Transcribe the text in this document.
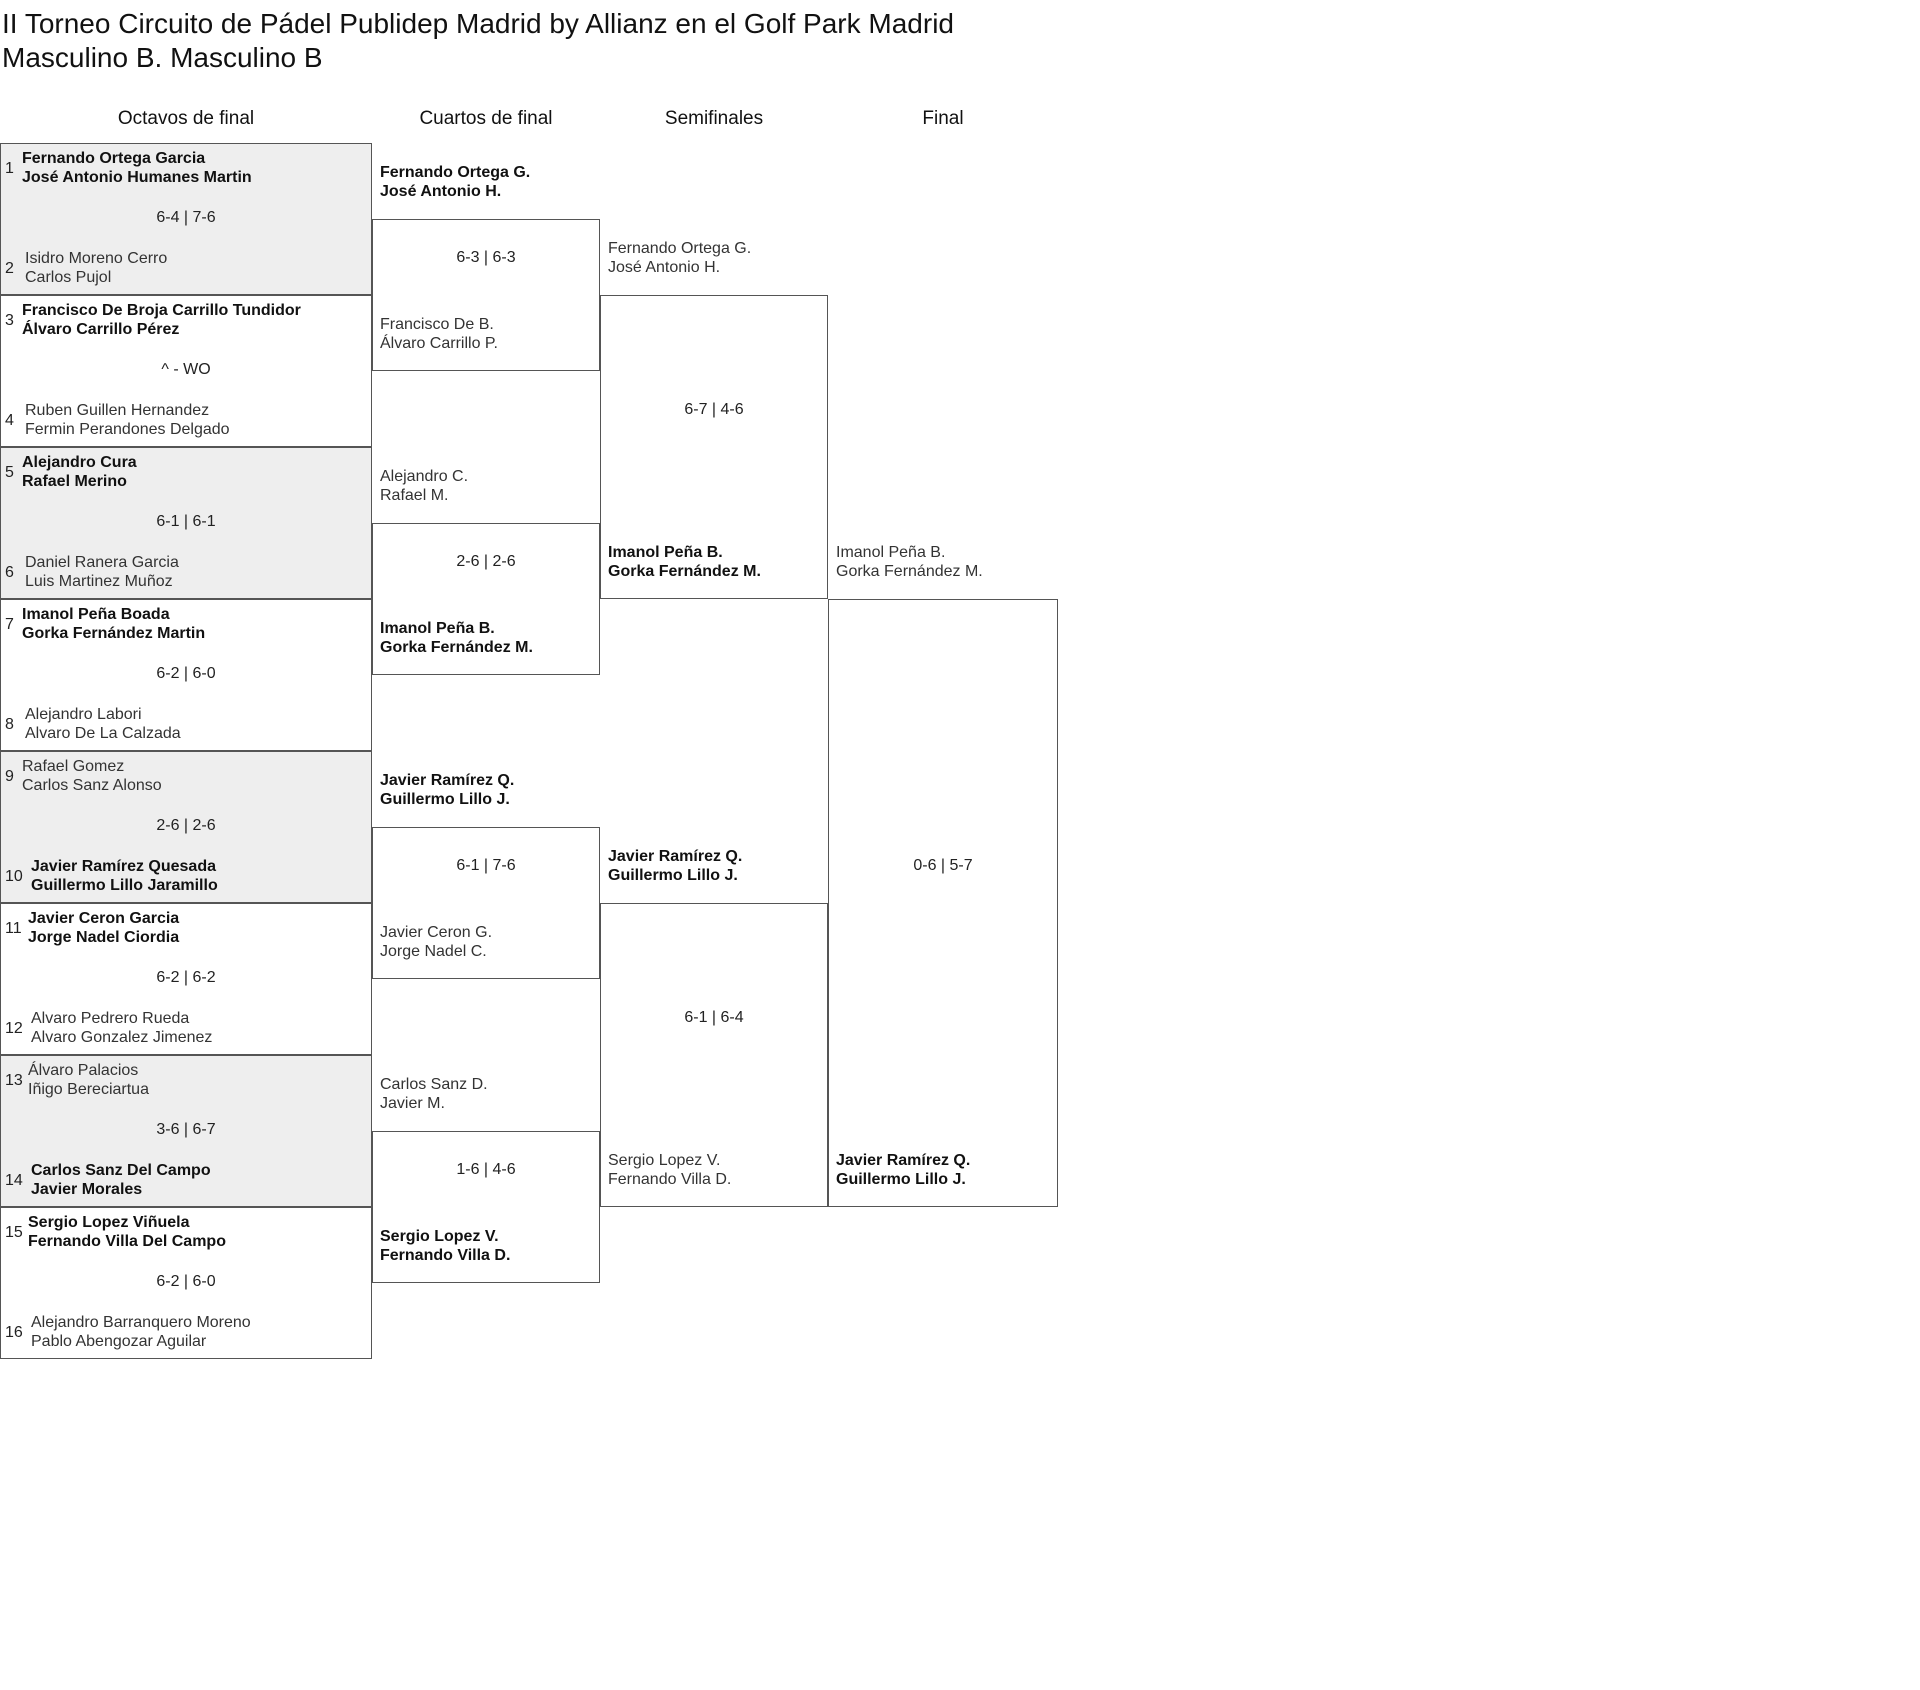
II Torneo Circuito de Pádel Publidep Madrid by Allianz en el Golf Park Madrid
Masculino B. Masculino B
Octavos de final	Cuartos de final	Semifinales	Final
1
Fernando Ortega Garcia
José Antonio Humanes Martin
6-4 | 7-6
2
Isidro Moreno Cerro
Carlos Pujol
3
Francisco De Broja Carrillo Tundidor
Álvaro Carrillo Pérez
^ - WO
4
Ruben Guillen Hernandez
Fermin Perandones Delgado
5
Alejandro Cura
Rafael Merino
6-1 | 6-1
6
Daniel Ranera Garcia
Luis Martinez Muñoz
7
Imanol Peña Boada
Gorka Fernández Martin
6-2 | 6-0
8
Alejandro Labori
Alvaro De La Calzada
9
Rafael Gomez
Carlos Sanz Alonso
2-6 | 2-6
10
Javier Ramírez Quesada
Guillermo Lillo Jaramillo
11
Javier Ceron Garcia
Jorge Nadel Ciordia
6-2 | 6-2
12
Alvaro Pedrero Rueda
Alvaro Gonzalez Jimenez
13
Álvaro Palacios
Iñigo Bereciartua
3-6 | 6-7
14
Carlos Sanz Del Campo
Javier Morales
15
Sergio Lopez Viñuela
Fernando Villa Del Campo
6-2 | 6-0
16
Alejandro Barranquero Moreno
Pablo Abengozar Aguilar
Fernando Ortega G.
José Antonio H.
6-3 | 6-3
Francisco De B.
Álvaro Carrillo P.
Alejandro C.
Rafael M.
2-6 | 2-6
Imanol Peña B.
Gorka Fernández M.
Javier Ramírez Q.
Guillermo Lillo J.
6-1 | 7-6
Javier Ceron G.
Jorge Nadel C.
Carlos Sanz D.
Javier M.
1-6 | 4-6
Sergio Lopez V.
Fernando Villa D.
Fernando Ortega G.
José Antonio H.
6-7 | 4-6
Imanol Peña B.
Gorka Fernández M.
Javier Ramírez Q.
Guillermo Lillo J.
6-1 | 6-4
Sergio Lopez V.
Fernando Villa D.
Imanol Peña B.
Gorka Fernández M.
0-6 | 5-7
Javier Ramírez Q.
Guillermo Lillo J.
